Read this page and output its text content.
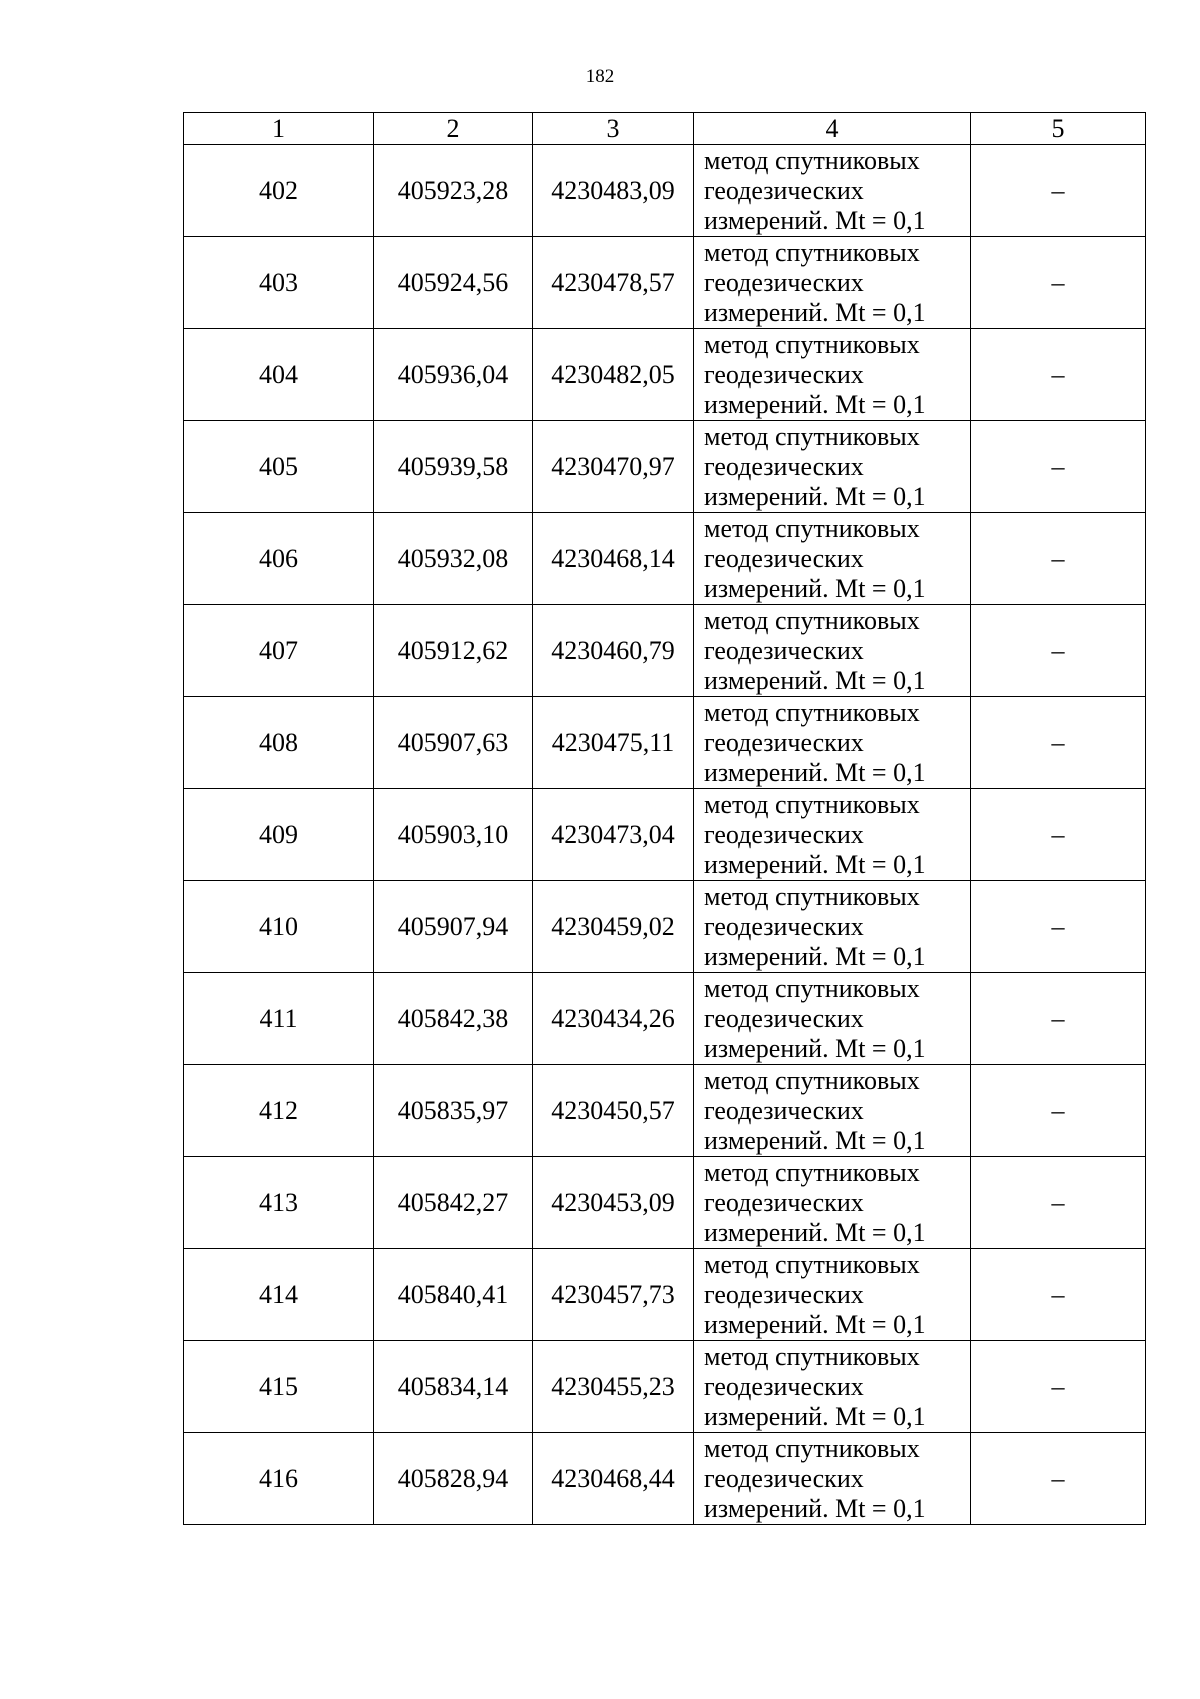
182
1	2	3	4	5
402	405923,28	4230483,09	метод спутниковых
геодезических
измерений. Mt = 0,1	–
403	405924,56	4230478,57	метод спутниковых
геодезических
измерений. Mt = 0,1	–
404	405936,04	4230482,05	метод спутниковых
геодезических
измерений. Mt = 0,1	–
405	405939,58	4230470,97	метод спутниковых
геодезических
измерений. Mt = 0,1	–
406	405932,08	4230468,14	метод спутниковых
геодезических
измерений. Mt = 0,1	–
407	405912,62	4230460,79	метод спутниковых
геодезических
измерений. Mt = 0,1	–
408	405907,63	4230475,11	метод спутниковых
геодезических
измерений. Mt = 0,1	–
409	405903,10	4230473,04	метод спутниковых
геодезических
измерений. Mt = 0,1	–
410	405907,94	4230459,02	метод спутниковых
геодезических
измерений. Mt = 0,1	–
411	405842,38	4230434,26	метод спутниковых
геодезических
измерений. Mt = 0,1	–
412	405835,97	4230450,57	метод спутниковых
геодезических
измерений. Mt = 0,1	–
413	405842,27	4230453,09	метод спутниковых
геодезических
измерений. Mt = 0,1	–
414	405840,41	4230457,73	метод спутниковых
геодезических
измерений. Mt = 0,1	–
415	405834,14	4230455,23	метод спутниковых
геодезических
измерений. Mt = 0,1	–
416	405828,94	4230468,44	метод спутниковых
геодезических
измерений. Mt = 0,1	–
